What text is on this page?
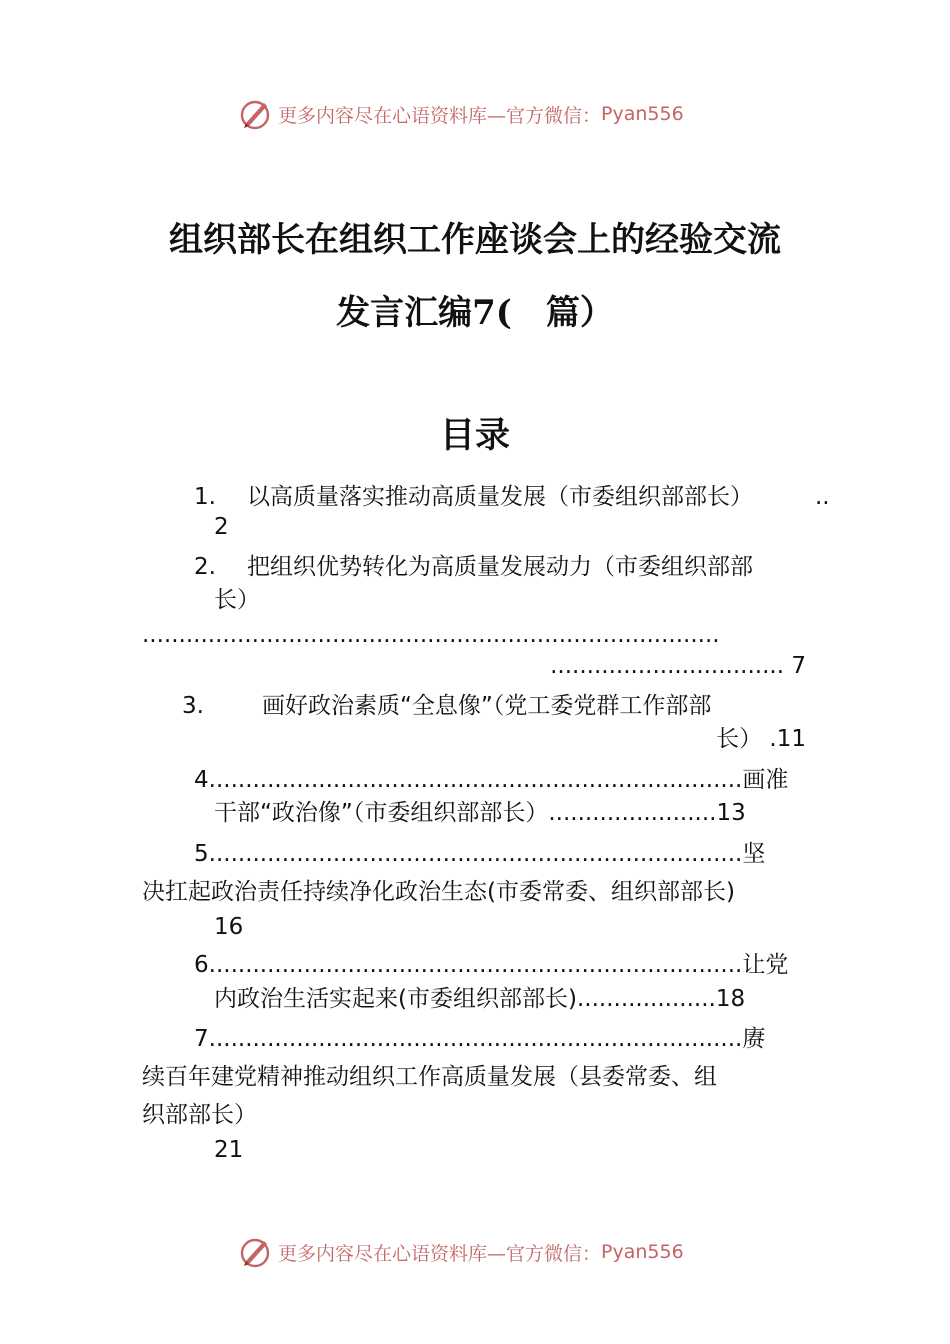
更多内容尽在心语资料库—官方微信： Pyan556
组织部长在组织工作座谈会上的经验交流
发言汇编7(　篇）
目录
1. 以高质量落实推动高质量发展（市委组织部部长）	..
2
2. 把组织优势转化为高质量发展动力（市委组织部部
长）
...............................................................................
................................ 7
3.	画好政治素质“全息像”（党工委党群工作部部
长） .11
4.........................................................................画准
干部“政治像”（市委组织部部长）.......................13
5.........................................................................坚
决扛起政治责任持续净化政治生态(市委常委、组织部部长)
16
6.........................................................................让党
内政治生活实起来(市委组织部部长)...................18
7.........................................................................赓
续百年建党精神推动组织工作高质量发展（县委常委、组
织部部长）
21
更多内容尽在心语资料库—官方微信： Pyan556
